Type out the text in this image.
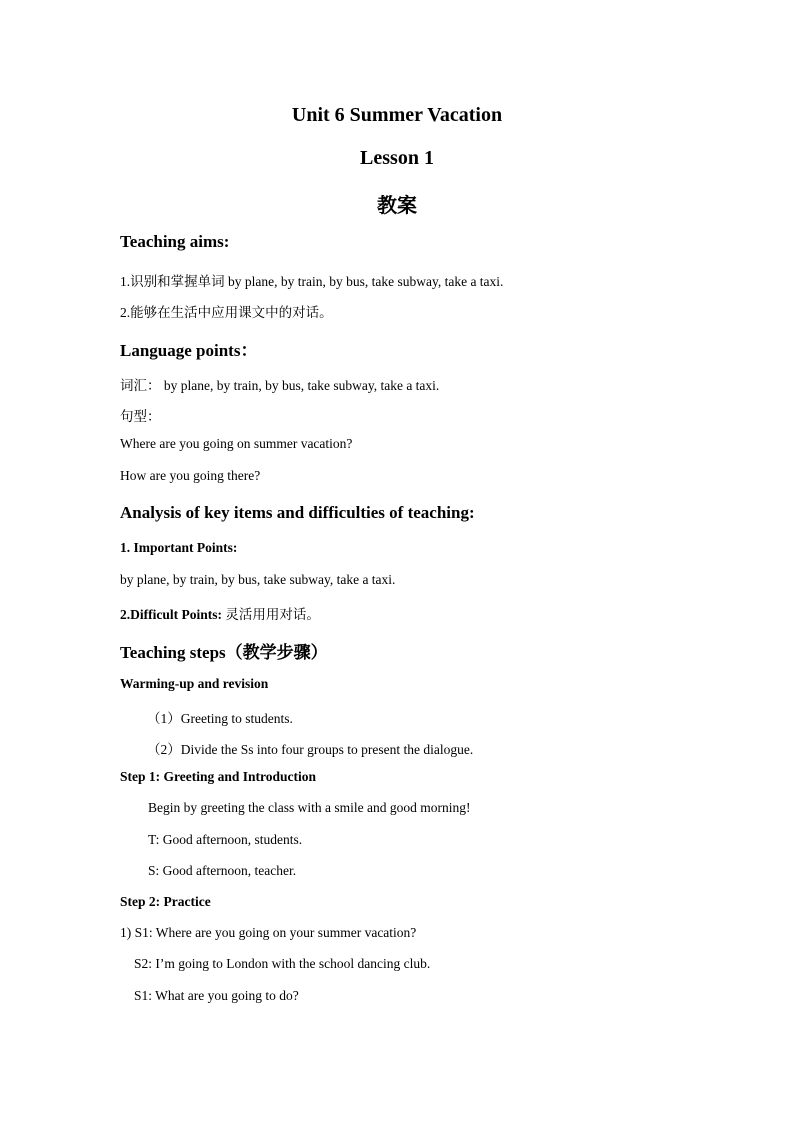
Unit 6 Summer Vacation
Lesson 1
教案
Teaching aims:
1.识别和掌握单词 by plane, by train, by bus, take subway, take a taxi.
2.能够在生活中应用课文中的对话。
Language points：
词汇： by plane, by train, by bus, take subway, take a taxi.
句型：
Where are you going on summer vacation?
How are you going there?
Analysis of key items and difficulties of teaching:
1. Important Points:
by plane, by train, by bus, take subway, take a taxi.
2.Difficult Points: 灵活用用对话。
Teaching steps（教学步骤）
Warming-up and revision
（1）Greeting to students.
（2）Divide the Ss into four groups to present the dialogue.
Step 1: Greeting and Introduction
Begin by greeting the class with a smile and good morning!
T: Good afternoon, students.
S: Good afternoon, teacher.
Step 2: Practice
1) S1: Where are you going on your summer vacation?
S2: I’m going to London with the school dancing club.
S1: What are you going to do?
